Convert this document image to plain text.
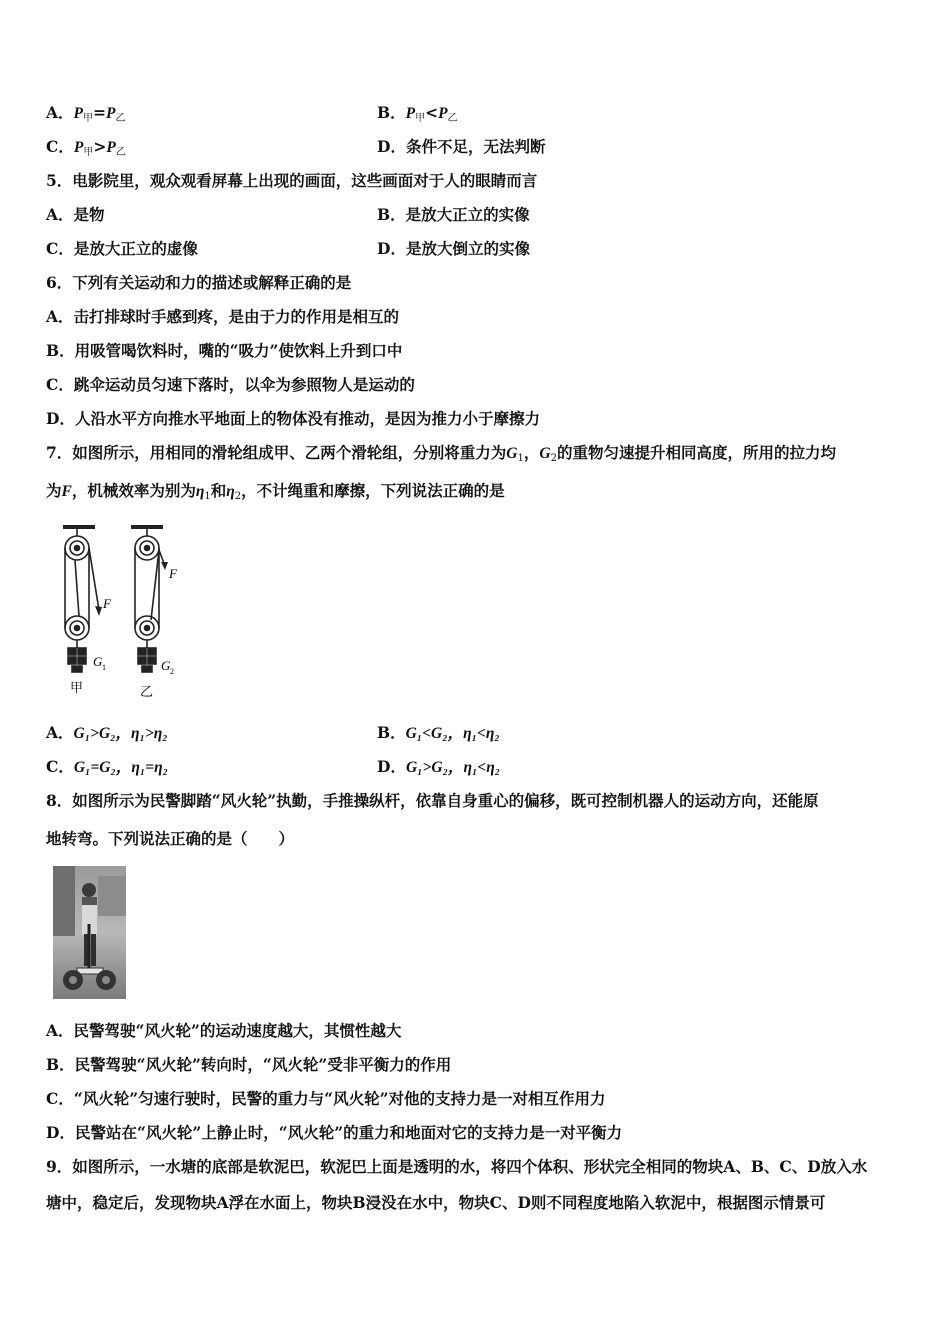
A．$P_甲=P_乙$	B．$P_甲<P_乙$
C．$P_甲>P_乙$	D．条件不足，无法判断
5．电影院里，观众观看屏幕上出现的画面，这些画面对于人的眼睛而言
A．是物	B．是放大正立的实像
C．是放大正立的虚像	D．是放大倒立的实像
6．下列有关运动和力的描述或解释正确的是
A．击打排球时手感到疼，是由于力的作用是相互的
B．用吸管喝饮料时，嘴的“吸力”使饮料上升到口中
C．跳伞运动员匀速下落时，以伞为参照物人是运动的
D．人沿水平方向推水平地面上的物体没有推动，是因为推力小于摩擦力
7．如图所示，用相同的滑轮组成甲、乙两个滑轮组，分别将重力为$G_1$，$G_2$的重物匀速提升相同高度，所用的拉力均
为F，机械效率为别为$\eta_1$和$\eta_2$，不计绳重和摩擦，下列说法正确的是
F
F
G 1	G 2
甲	乙
A．G₁>G₂，η₁>η₂	B．G₁<G₂，η₁<η₂
C．G₁=G₂，η₁=η₂	D．G₁>G₂，η₁<η₂
8．如图所示为民警脚踏“风火轮”执勤，手推操纵杆，依靠自身重心的偏移，既可控制机器人的运动方向，还能原
地转弯。下列说法正确的是（　　）
A．民警驾驶“风火轮”的运动速度越大，其惯性越大
B．民警驾驶“风火轮”转向时，“风火轮”受非平衡力的作用
C．“风火轮”匀速行驶时，民警的重力与“风火轮”对他的支持力是一对相互作用力
D．民警站在“风火轮”上静止时，“风火轮”的重力和地面对它的支持力是一对平衡力
9．如图所示，一水塘的底部是软泥巴，软泥巴上面是透明的水，将四个体积、形状完全相同的物块A、B、C、D放入水
塘中，稳定后，发现物块A浮在水面上，物块B浸没在水中，物块C、D则不同程度地陷入软泥中，根据图示情景可
